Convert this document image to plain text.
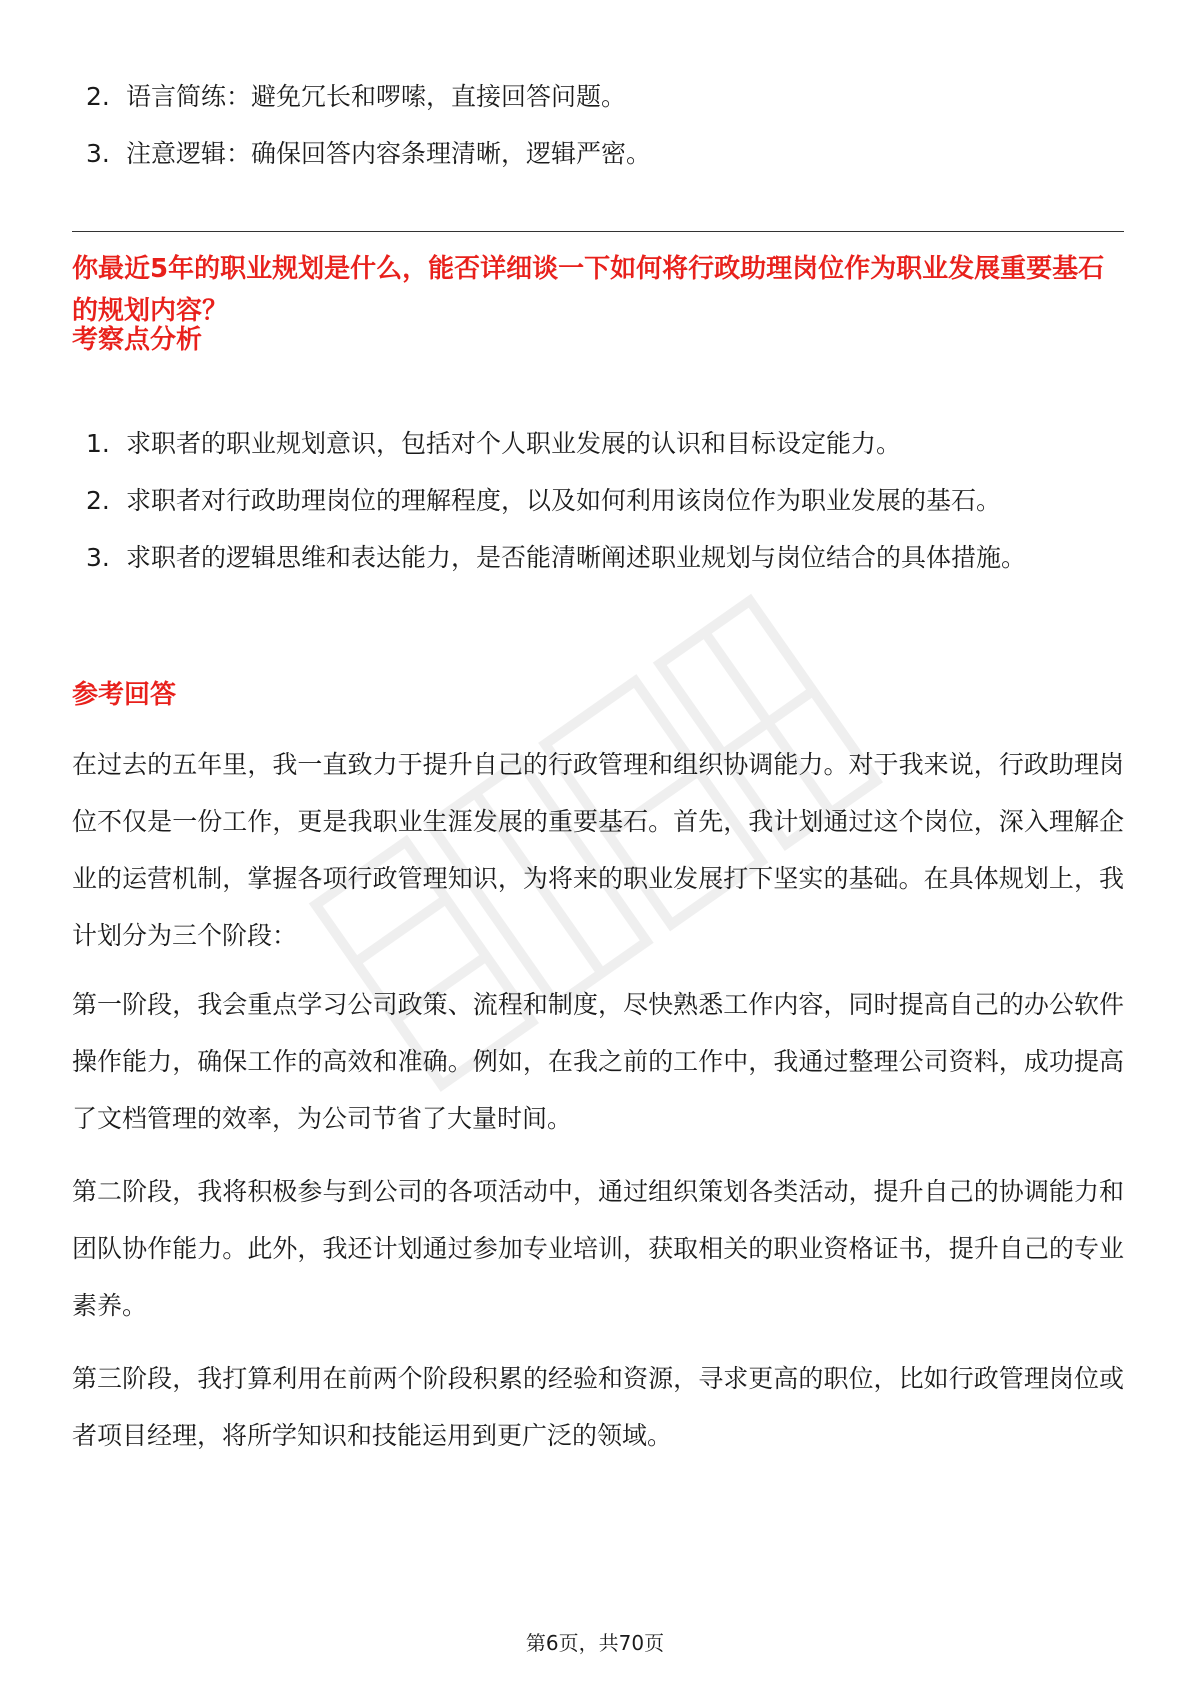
2. 语言简练：避免冗长和啰嗦，直接回答问题。
3. 注意逻辑：确保回答内容条理清晰，逻辑严密。
你最近5年的职业规划是什么，能否详细谈一下如何将行政助理岗位作为职业发展重要基石的规划内容？
考察点分析
1. 求职者的职业规划意识，包括对个人职业发展的认识和目标设定能力。
2. 求职者对行政助理岗位的理解程度，以及如何利用该岗位作为职业发展的基石。
3. 求职者的逻辑思维和表达能力，是否能清晰阐述职业规划与岗位结合的具体措施。
参考回答

在过去的五年里，我一直致力于提升自己的行政管理和组织协调能力。对于我来说，行政助理岗位不仅是一份工作，更是我职业生涯发展的重要基石。首先，我计划通过这个岗位，深入理解企业的运营机制，掌握各项行政管理知识，为将来的职业发展打下坚实的基础。在具体规划上，我计划分为三个阶段：

第一阶段，我会重点学习公司政策、流程和制度，尽快熟悉工作内容，同时提高自己的办公软件操作能力，确保工作的高效和准确。例如，在我之前的工作中，我通过整理公司资料，成功提高了文档管理的效率，为公司节省了大量时间。

第二阶段，我将积极参与到公司的各项活动中，通过组织策划各类活动，提升自己的协调能力和团队协作能力。此外，我还计划通过参加专业培训，获取相关的职业资格证书，提升自己的专业素养。

第三阶段，我打算利用在前两个阶段积累的经验和资源，寻求更高的职位，比如行政管理岗位或者项目经理，将所学知识和技能运用到更广泛的领域。

第6页，共70页
